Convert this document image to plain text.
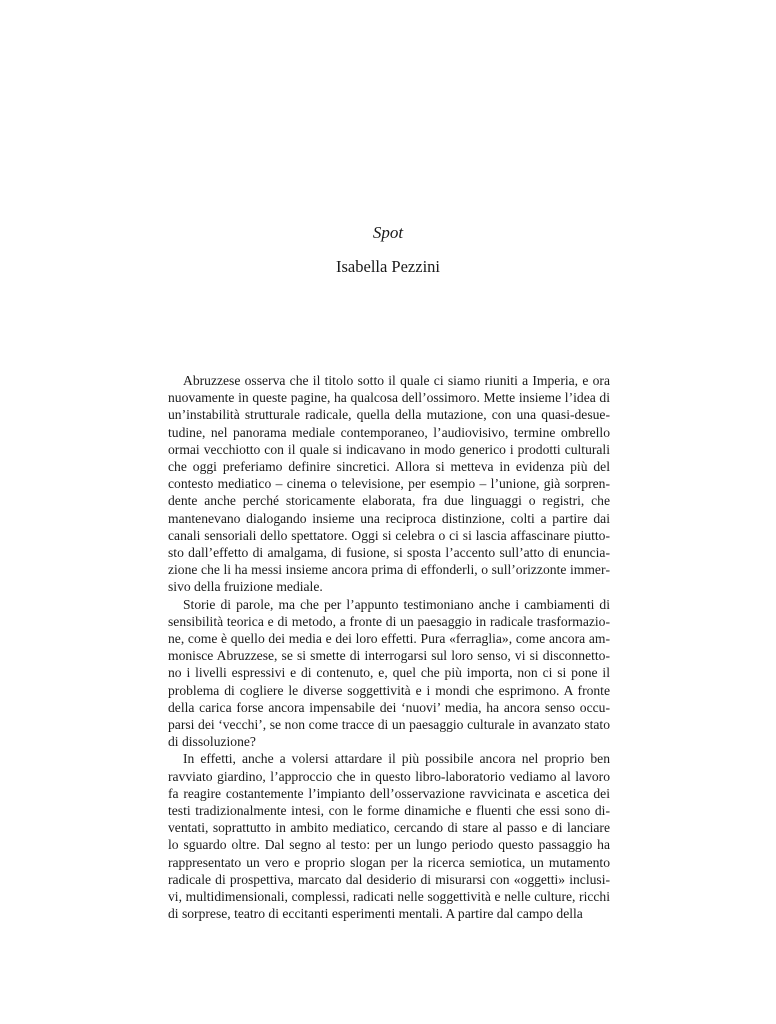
Spot
Isabella Pezzini

Abruzzese osserva che il titolo sotto il quale ci siamo riuniti a Imperia, e ora nuovamente in queste pagine, ha qualcosa dell’ossimoro. Mette insieme l’idea di un’instabilità strutturale radicale, quella della mutazione, con una quasi-desuetudine, nel panorama mediale contemporaneo, l’audiovisivo, termine ombrello ormai vecchiotto con il quale si indicavano in modo generico i prodotti culturali che oggi preferiamo definire sincretici. Allora si metteva in evidenza più del contesto mediatico – cinema o televisione, per esempio – l’unione, già sorprendente anche perché storicamente elaborata, fra due linguaggi o registri, che mantenevano dialogando insieme una reciproca distinzione, colti a partire dai canali sensoriali dello spettatore. Oggi si celebra o ci si lascia affascinare piuttosto dall’effetto di amalgama, di fusione, si sposta l’accento sull’atto di enunciazione che li ha messi insieme ancora prima di effonderli, o sull’orizzonte immersivo della fruizione mediale.

Storie di parole, ma che per l’appunto testimoniano anche i cambiamenti di sensibilità teorica e di metodo, a fronte di un paesaggio in radicale trasformazione, come è quello dei media e dei loro effetti. Pura «ferraglia», come ancora ammonisce Abruzzese, se si smette di interrogarsi sul loro senso, vi si disconnettono i livelli espressivi e di contenuto, e, quel che più importa, non ci si pone il problema di cogliere le diverse soggettività e i mondi che esprimono. A fronte della carica forse ancora impensabile dei ‘nuovi’ media, ha ancora senso occuparsi dei ‘vecchi’, se non come tracce di un paesaggio culturale in avanzato stato di dissoluzione?

In effetti, anche a volersi attardare il più possibile ancora nel proprio ben ravviato giardino, l’approccio che in questo libro-laboratorio vediamo al lavoro fa reagire costantemente l’impianto dell’osservazione ravvicinata e ascetica dei testi tradizionalmente intesi, con le forme dinamiche e fluenti che essi sono diventati, soprattutto in ambito mediatico, cercando di stare al passo e di lanciare lo sguardo oltre. Dal segno al testo: per un lungo periodo questo passaggio ha rappresentato un vero e proprio slogan per la ricerca semiotica, un mutamento radicale di prospettiva, marcato dal desiderio di misurarsi con «oggetti» inclusivi, multidimensionali, complessi, radicati nelle soggettività e nelle culture, ricchi di sorprese, teatro di eccitanti esperimenti mentali. A partire dal campo della
